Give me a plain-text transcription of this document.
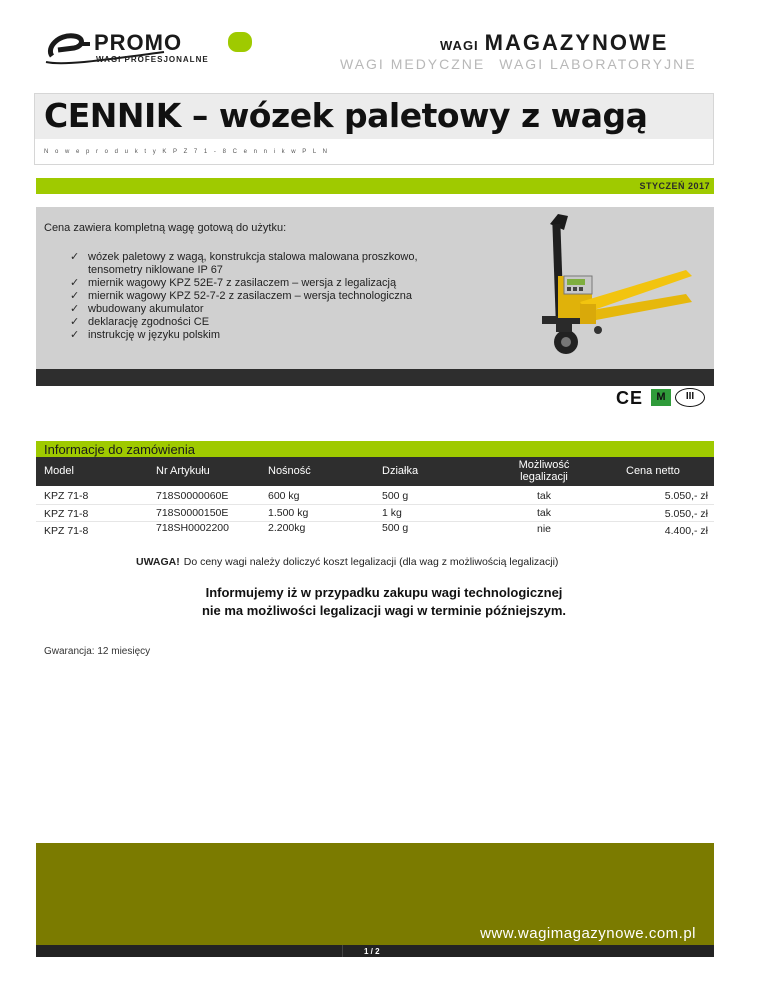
PROMO
WAGI PROFESJONALNE
WAGI MAGAZYNOWE
WAGI MEDYCZNE WAGI LABORATORYJNE
CENNIK – wózek paletowy z wagą
N o w e p r o d u k t y K P Z 7 1 - 8 C e n n i k w P L N
STYCZEŃ 2017
Cena zawiera kompletną wagę gotową do użytku:
✓ wózek paletowy z wagą, konstrukcja stalowa malowana proszkowo, tensometry niklowane IP 67
✓ miernik wagowy KPZ 52E-7 z zasilaczem – wersja z legalizacją
✓ miernik wagowy KPZ 52-7-2 z zasilaczem – wersja technologiczna
✓ wbudowany akumulator
✓ deklarację zgodności CE
✓ instrukcję w języku polskim
CE	M	III
Informacje do zamówienia
Model	Nr Artykułu	Nośność	Działka	Możliwość legalizacji	Cena netto
KPZ 71-8	718S0000060E	600 kg	500 g	tak	5.050,- zł
KPZ 71-8	718S0000150E	1.500 kg	1 kg	tak	5.050,- zł
KPZ 71-8	718SH0002200	2.200kg	500 g	nie	4.400,- zł
UWAGA! Do ceny wagi należy doliczyć koszt legalizacji (dla wag z możliwością legalizacji)
Informujemy iż w przypadku zakupu wagi technologicznej
nie ma możliwości legalizacji wagi w terminie późniejszym.
Gwarancja: 12 miesięcy
www.wagimagazynowe.com.pl
1 / 2
